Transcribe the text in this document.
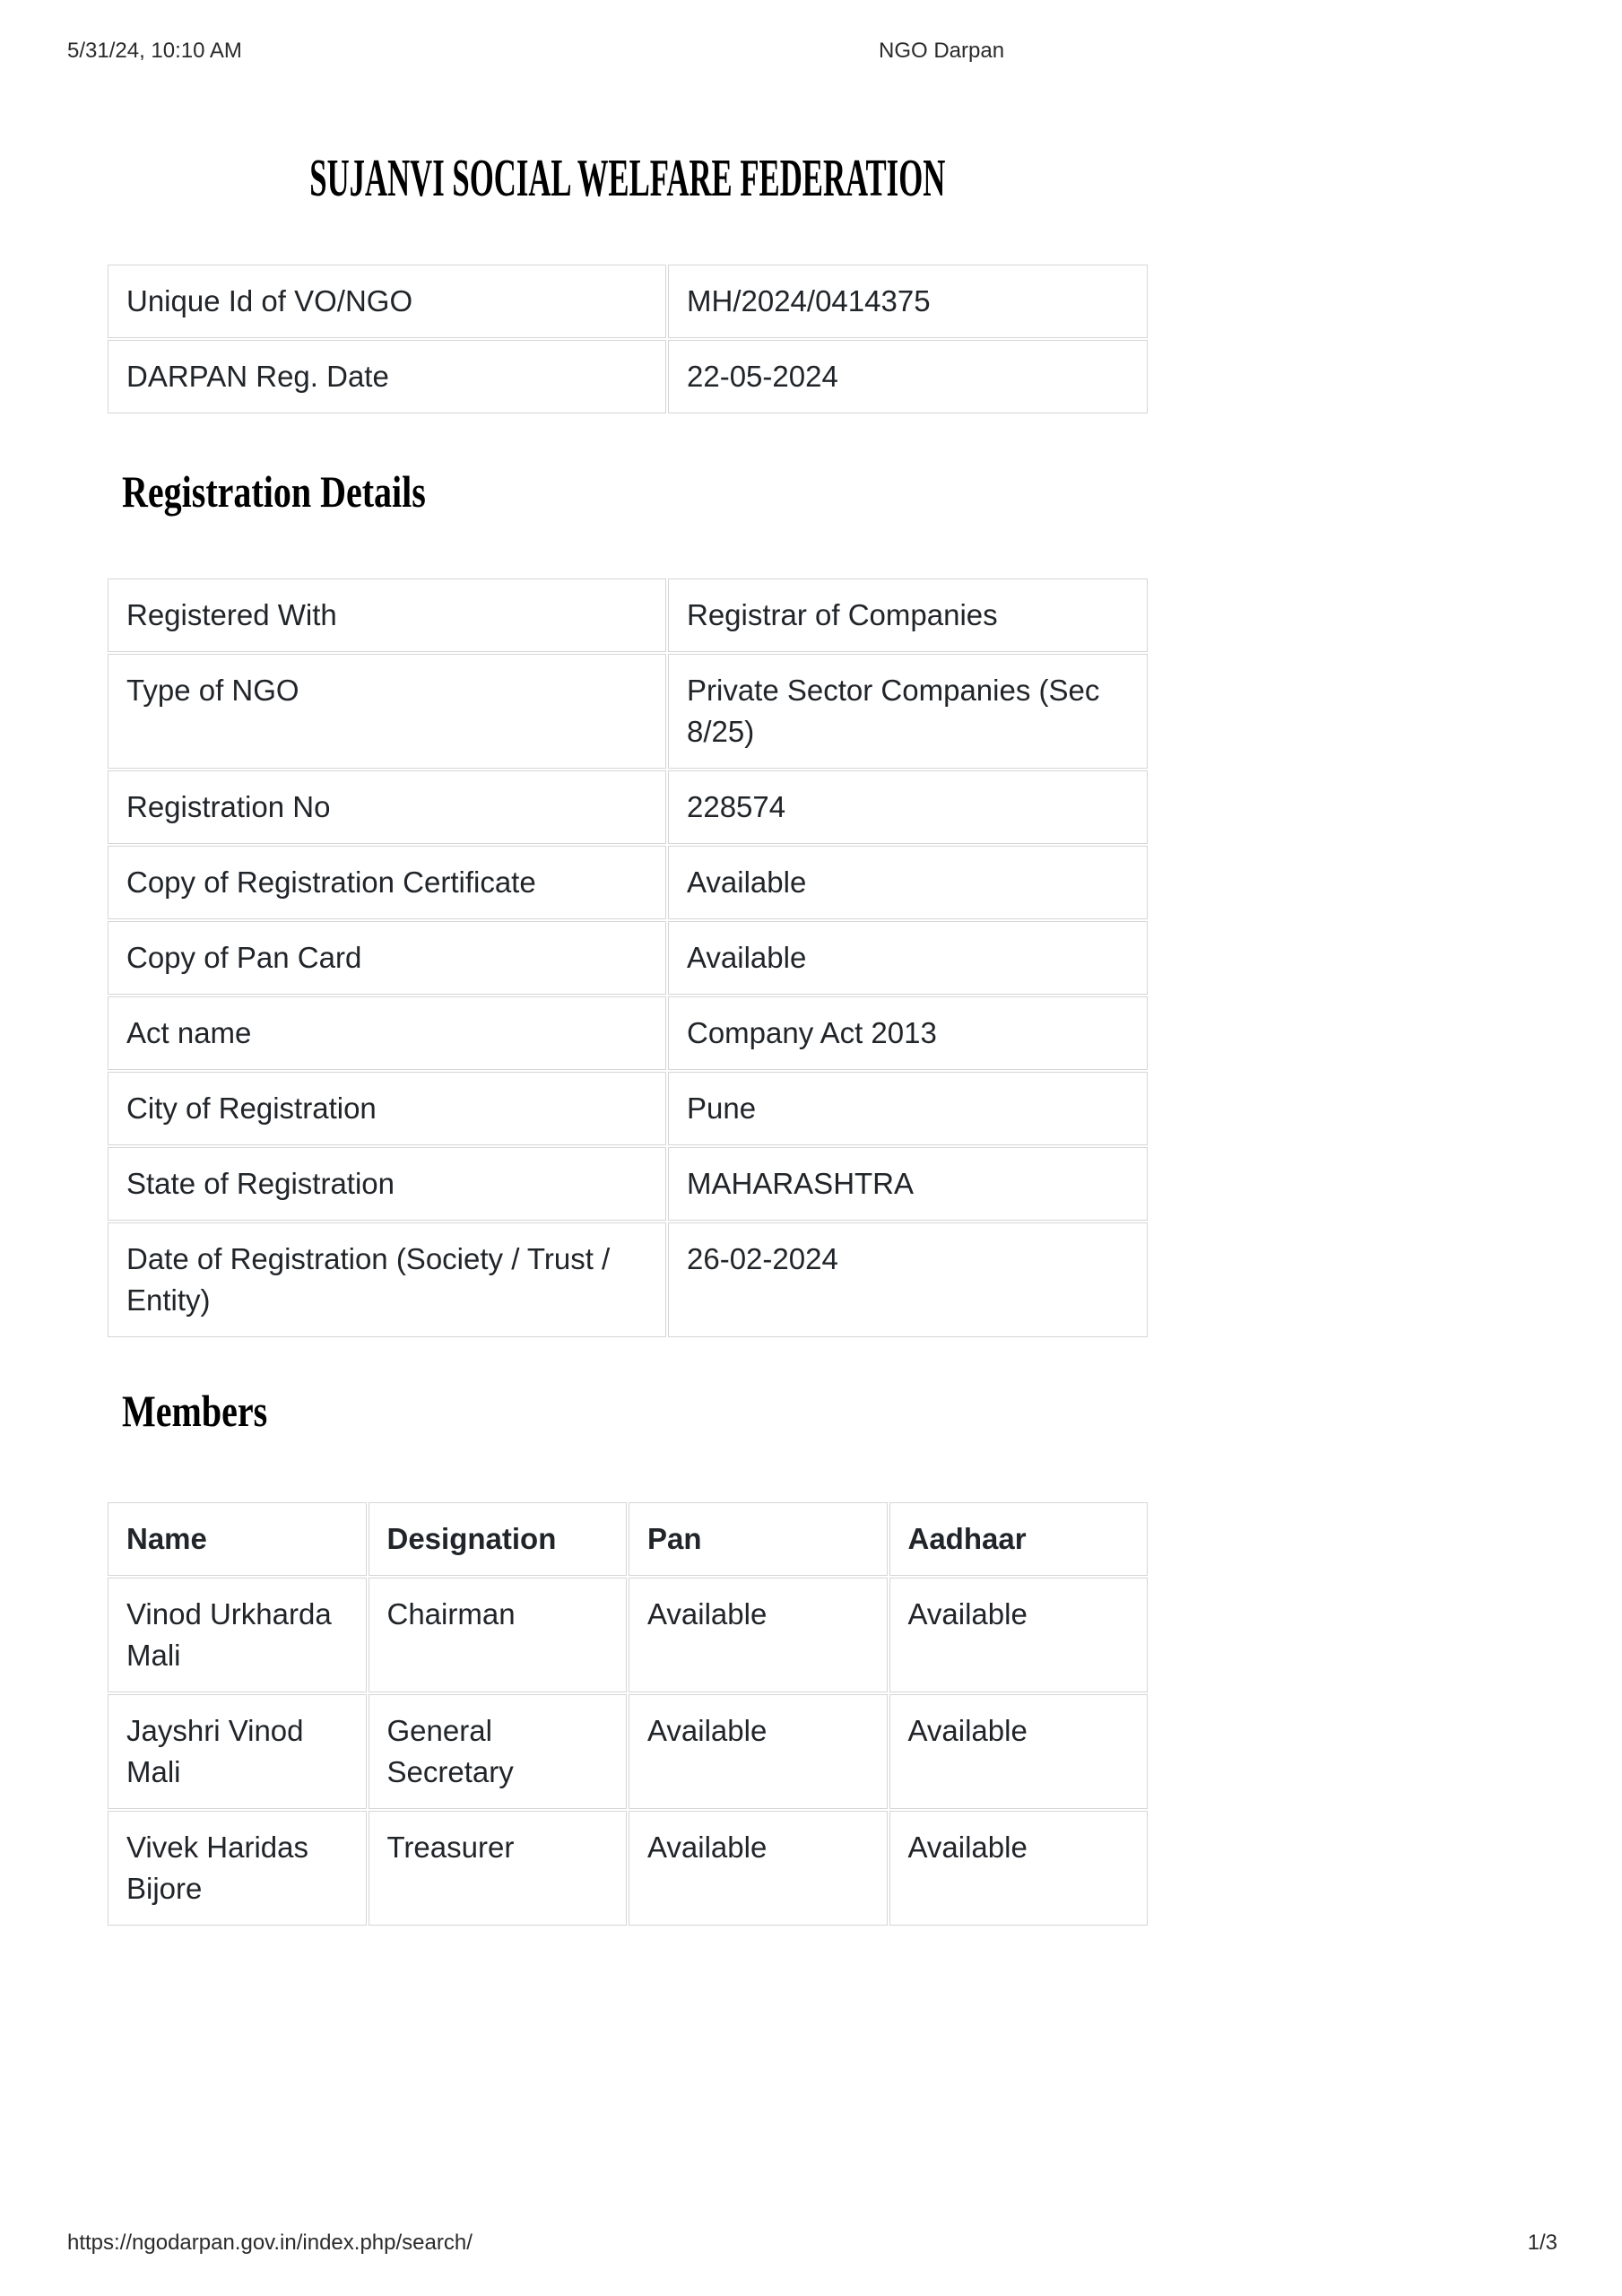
5/31/24, 10:10 AM	NGO Darpan
SUJANVI SOCIAL WELFARE FEDERATION
Unique Id of VO/NGO	MH/2024/0414375
DARPAN Reg. Date	22-05-2024
Registration Details
Registered With	Registrar of Companies
Type of NGO	Private Sector Companies (Sec 8/25)
Registration No	228574
Copy of Registration Certificate	Available
Copy of Pan Card	Available
Act name	Company Act 2013
City of Registration	Pune
State of Registration	MAHARASHTRA
Date of Registration (Society / Trust / Entity)	26-02-2024
Members
Name	Designation	Pan	Aadhaar
Vinod Urkharda Mali	Chairman	Available	Available
Jayshri Vinod Mali	General Secretary	Available	Available
Vivek Haridas Bijore	Treasurer	Available	Available
https://ngodarpan.gov.in/index.php/search/	1/3
